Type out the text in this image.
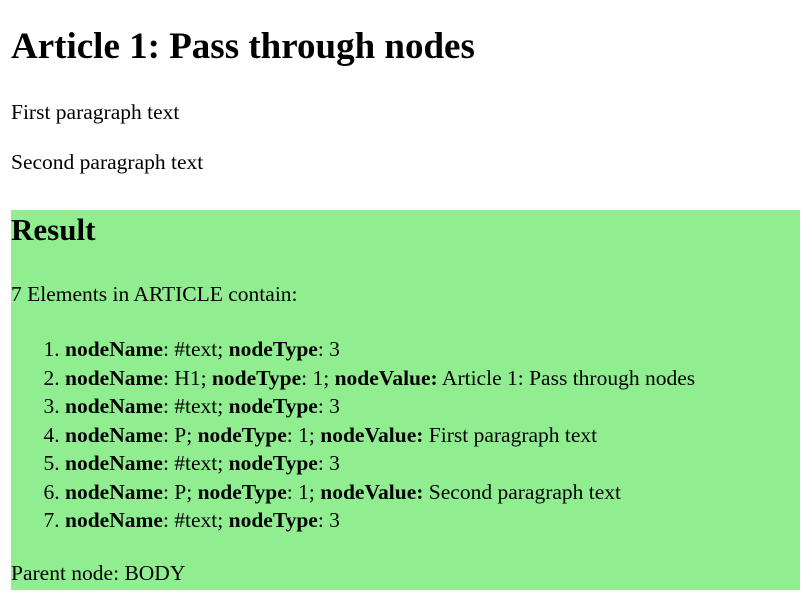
Article 1: Pass through nodes

First paragraph text

Second paragraph text

Result

7 Elements in ARTICLE contain:

1. nodeName: #text; nodeType: 3
2. nodeName: H1; nodeType: 1; nodeValue: Article 1: Pass through nodes
3. nodeName: #text; nodeType: 3
4. nodeName: P; nodeType: 1; nodeValue: First paragraph text
5. nodeName: #text; nodeType: 3
6. nodeName: P; nodeType: 1; nodeValue: Second paragraph text
7. nodeName: #text; nodeType: 3

Parent node: BODY
